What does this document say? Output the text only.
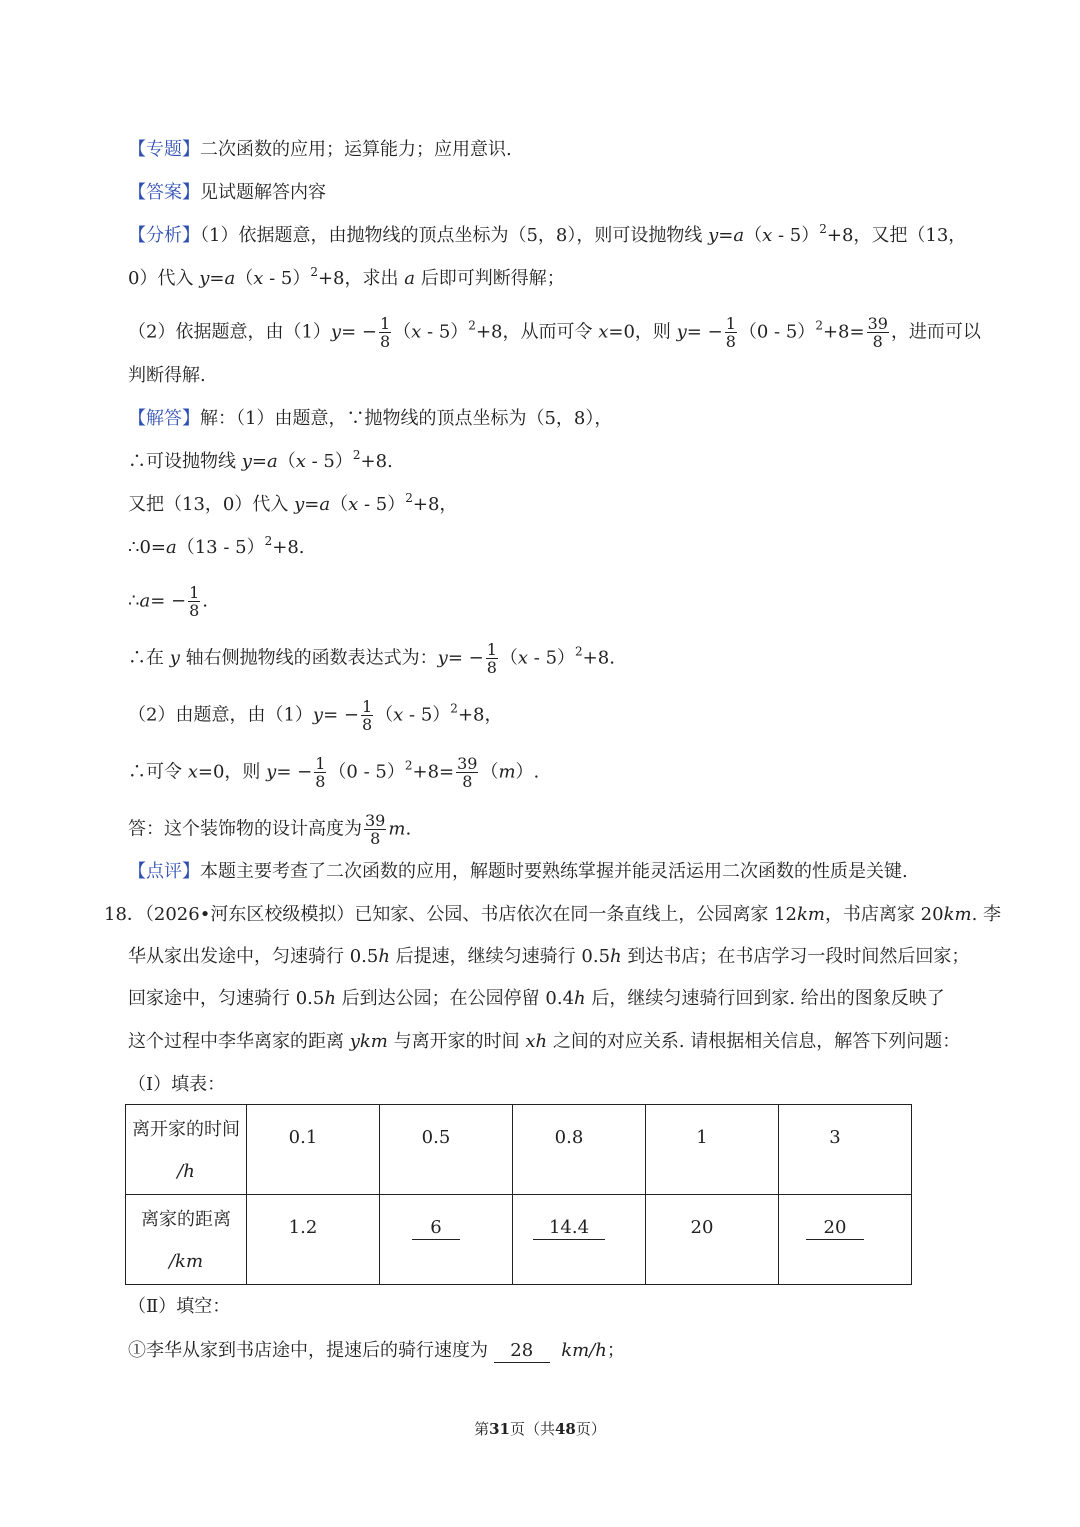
【专题】二次函数的应用；运算能力；应用意识.
【答案】见试题解答内容
【分析】（1）依据题意，由抛物线的顶点坐标为（5，8），则可设抛物线 y=a（x - 5）$^2$+8，又把（13，
0）代入 y=a（x - 5）$^2$+8，求出 a 后即可判断得解；
（2）依据题意，由$(1)y= - \frac{1}{8} (x - 5)^2+8$，从而可令 x=0，则 $y= - \frac{1}{8} (0 - 5)^2+8= \frac{39}{8}$ ，进而可以
判断得解.
【解答】解：（1）由题意，∵抛物线的顶点坐标为（5，8），
∴可设抛物线 y=a（x - 5）$^2$+8.
又把（13，0）代入 y=a（x - 5）$^2$+8，
∴0=a（13 - 5）$^2$+8.
∴a= − $\frac{1}{8}$ .
∴在 y 轴右侧抛物线的函数表达式为：$y= - \frac{1}{8} (x - 5)^2+8$.
（2）由题意，由$(1)y= - \frac{1}{8} (x - 5)^2+8$，
∴可令 x=0，则 $y= - \frac{1}{8} (0 - 5)^2+8= \frac{39}{8} (m)$.
答：这个装饰物的设计高度为 $\frac{39}{8} m$.
【点评】本题主要考查了二次函数的应用，解题时要熟练掌握并能灵活运用二次函数的性质是关键.
18．（2026•河东区校级模拟）已知家、公园、书店依次在同一条直线上，公园离家 12km，书店离家 20km. 李
华从家出发途中，匀速骑行 0.5h 后提速，继续匀速骑行 0.5h 到达书店；在书店学习一段时间然后回家；
回家途中，匀速骑行 0.5h 后到达公园；在公园停留 0.4h 后，继续匀速骑行回到家. 给出的图象反映了
这个过程中李华离家的距离 ykm 与离开家的时间 xh 之间的对应关系. 请根据相关信息，解答下列问题：
（Ⅰ）填表：
离开家的时间
/h	0.1	0.5	0.8	1	3
离家的距离
/km	1.2	6	14.4	20	20
（Ⅱ）填空：
①李华从家到书店途中，提速后的骑行速度为 28 km/h；
第31页（共48页）
